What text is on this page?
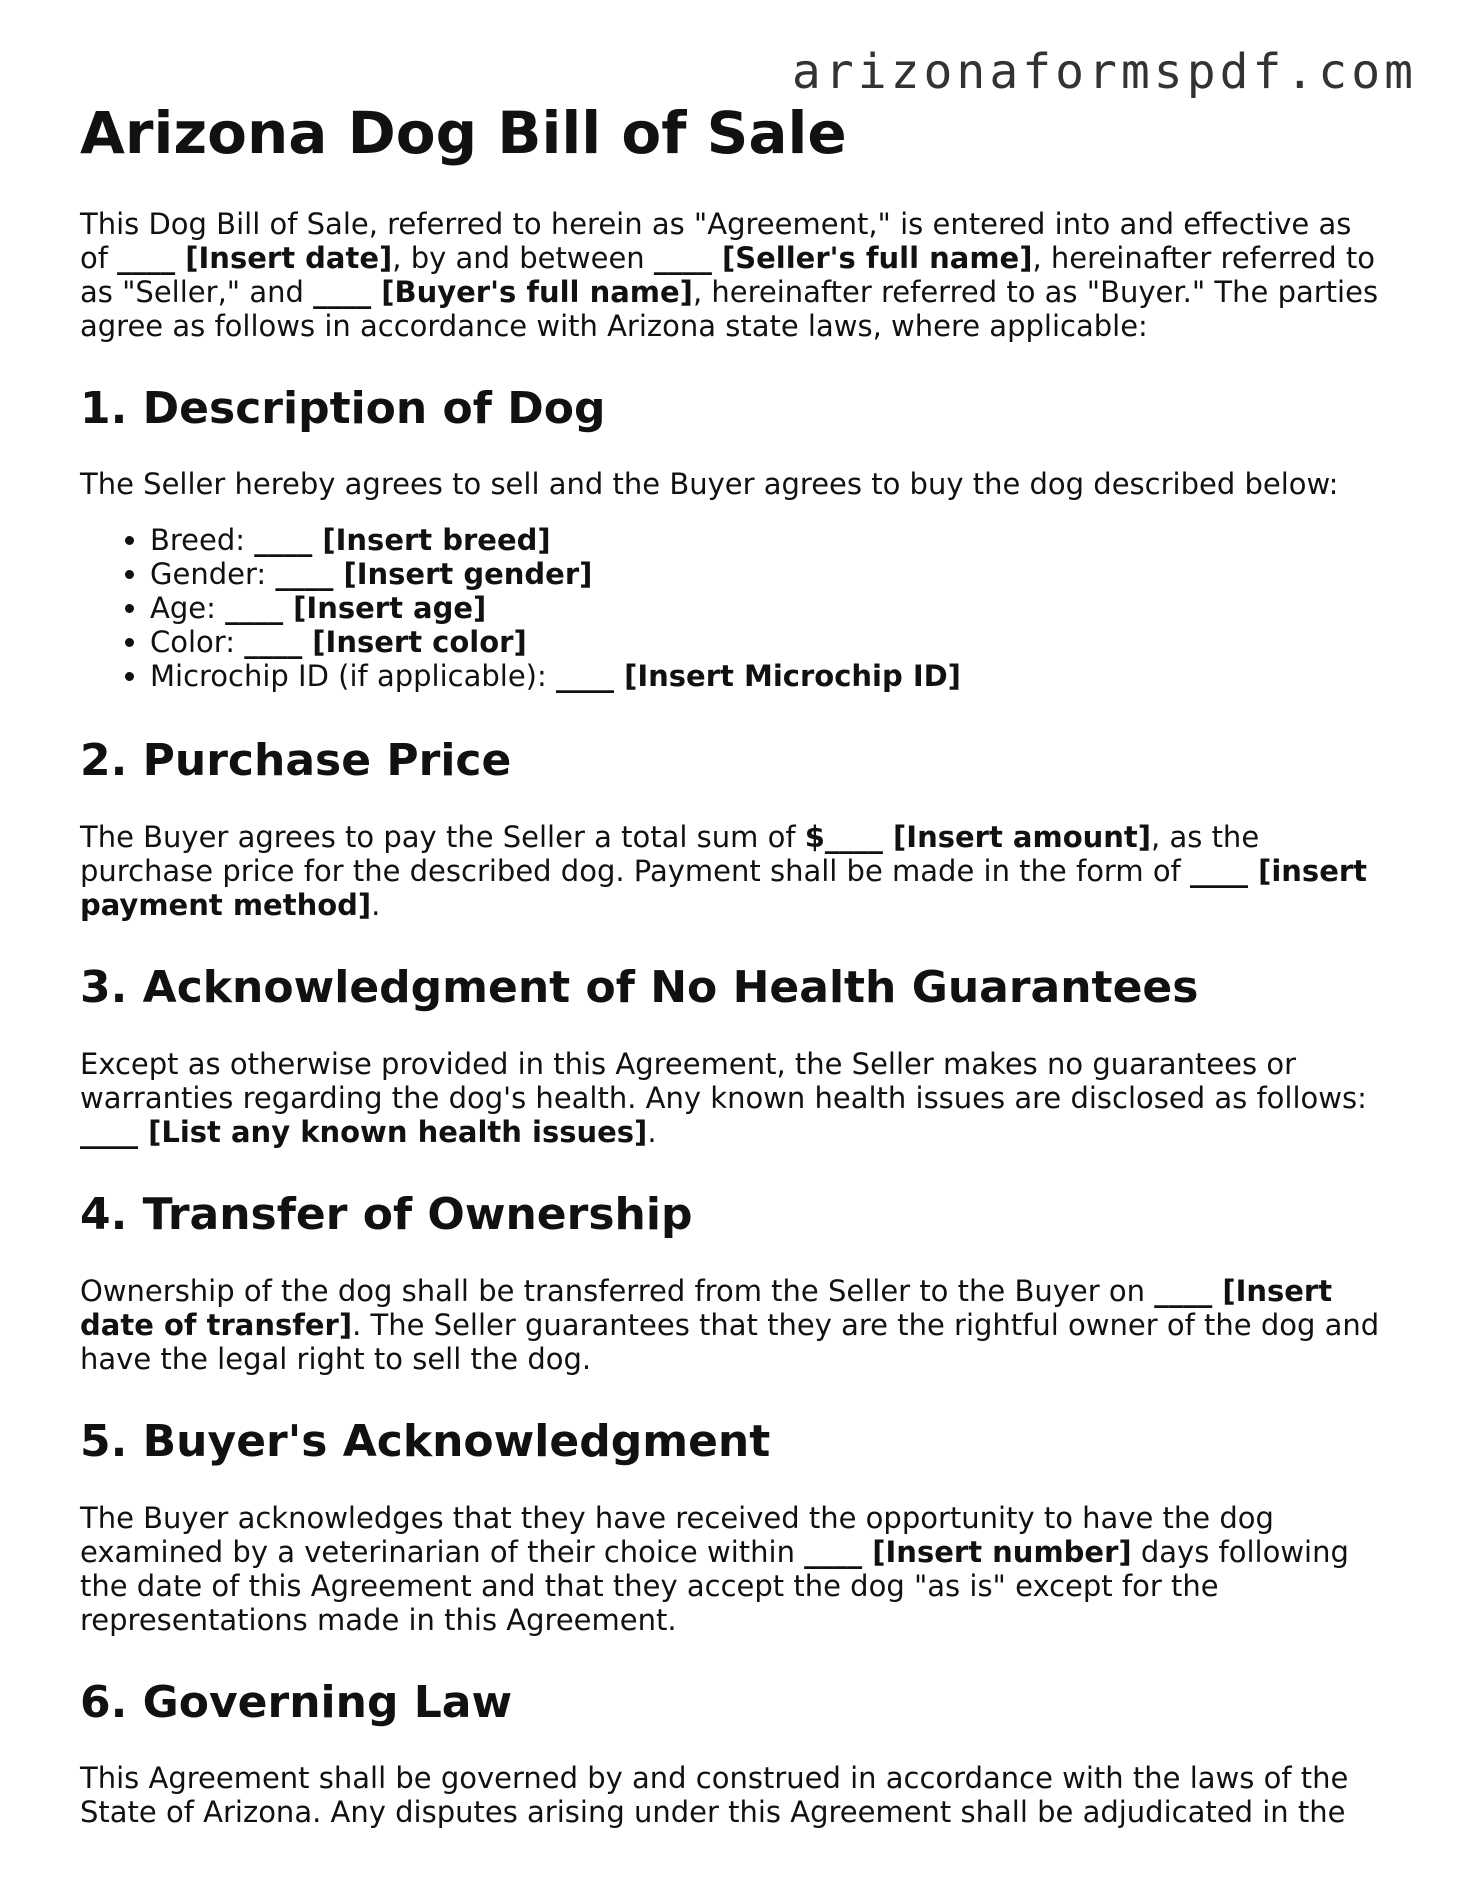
arizonaformspdf.com
Arizona Dog Bill of Sale

This Dog Bill of Sale, referred to herein as "Agreement," is entered into and effective as of ____ [Insert date], by and between ____ [Seller's full name], hereinafter referred to as "Seller," and ____ [Buyer's full name], hereinafter referred to as "Buyer." The parties agree as follows in accordance with Arizona state laws, where applicable:

1. Description of Dog

The Seller hereby agrees to sell and the Buyer agrees to buy the dog described below:

• Breed: ____ [Insert breed]
• Gender: ____ [Insert gender]
• Age: ____ [Insert age]
• Color: ____ [Insert color]
• Microchip ID (if applicable): ____ [Insert Microchip ID]
2. Purchase Price

The Buyer agrees to pay the Seller a total sum of $____ [Insert amount], as the purchase price for the described dog. Payment shall be made in the form of ____ [insert payment method].

3. Acknowledgment of No Health Guarantees

Except as otherwise provided in this Agreement, the Seller makes no guarantees or warranties regarding the dog's health. Any known health issues are disclosed as follows: ____ [List any known health issues].

4. Transfer of Ownership

Ownership of the dog shall be transferred from the Seller to the Buyer on ____ [Insert date of transfer]. The Seller guarantees that they are the rightful owner of the dog and have the legal right to sell the dog.

5. Buyer's Acknowledgment

The Buyer acknowledges that they have received the opportunity to have the dog examined by a veterinarian of their choice within ____ [Insert number] days following the date of this Agreement and that they accept the dog "as is" except for the representations made in this Agreement.

6. Governing Law

This Agreement shall be governed by and construed in accordance with the laws of the State of Arizona. Any disputes arising under this Agreement shall be adjudicated in the
